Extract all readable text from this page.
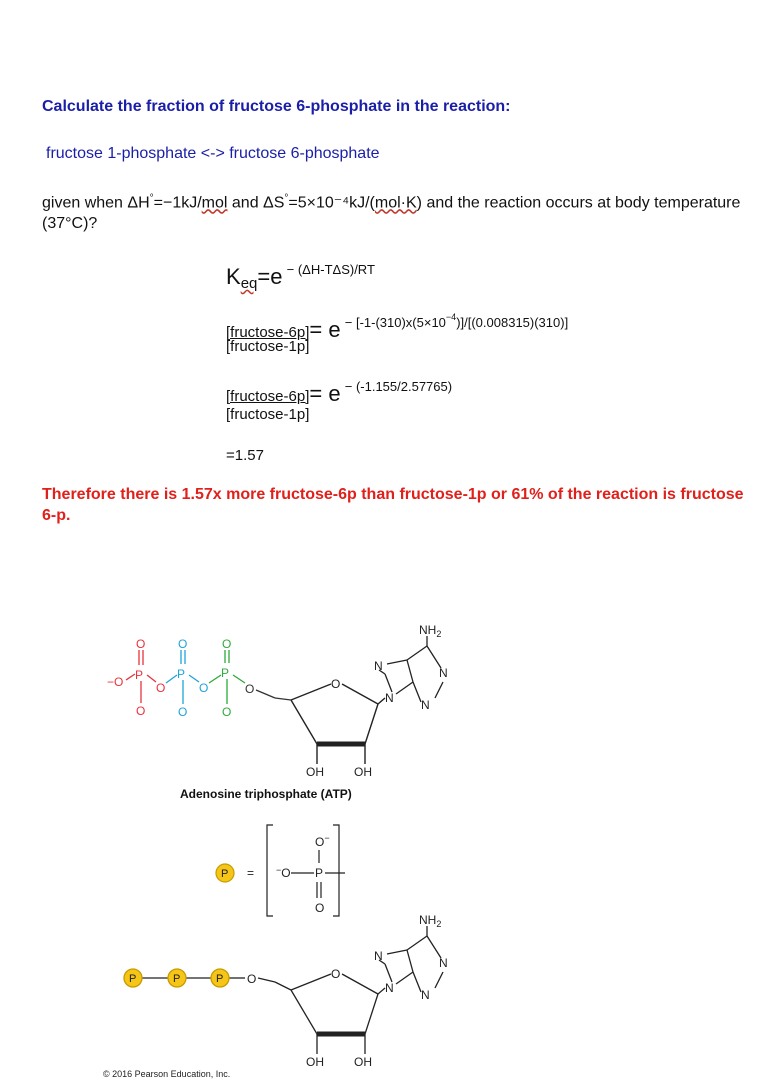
Calculate the fraction of fructose 6-phosphate in the reaction:
fructose 1-phosphate <-> fructose 6-phosphate
given when ΔH°=−1kJ/mol and ΔS°=5×10⁻⁴kJ/(mol·K) and the reaction occurs at body temperature (37°C)?
Keq=e − (ΔH-TΔS)/RT
[fructose-6p]= $e - [-1-(310)x(5\times 10^{-4})]/[(0.008315)(310)]$
[fructose-1p]
[fructose-6p]= e − (-1.155/2.57765)
[fructose-1p]
=1.57
Therefore there is 1.57x more fructose-6p than fructose-1p or 61% of the reaction is fructose 6-p.
−O P
O
O
O
P
O
O
O
P
O
O
O	O
OH	OH
N
N
$NH_2$
N
N
Adenosine triphosphate (ATP)
P = −O P
O−
O
P	P	P O	O
OH	OH
N
N
$NH_2$
N
N
© 2016 Pearson Education, Inc.
